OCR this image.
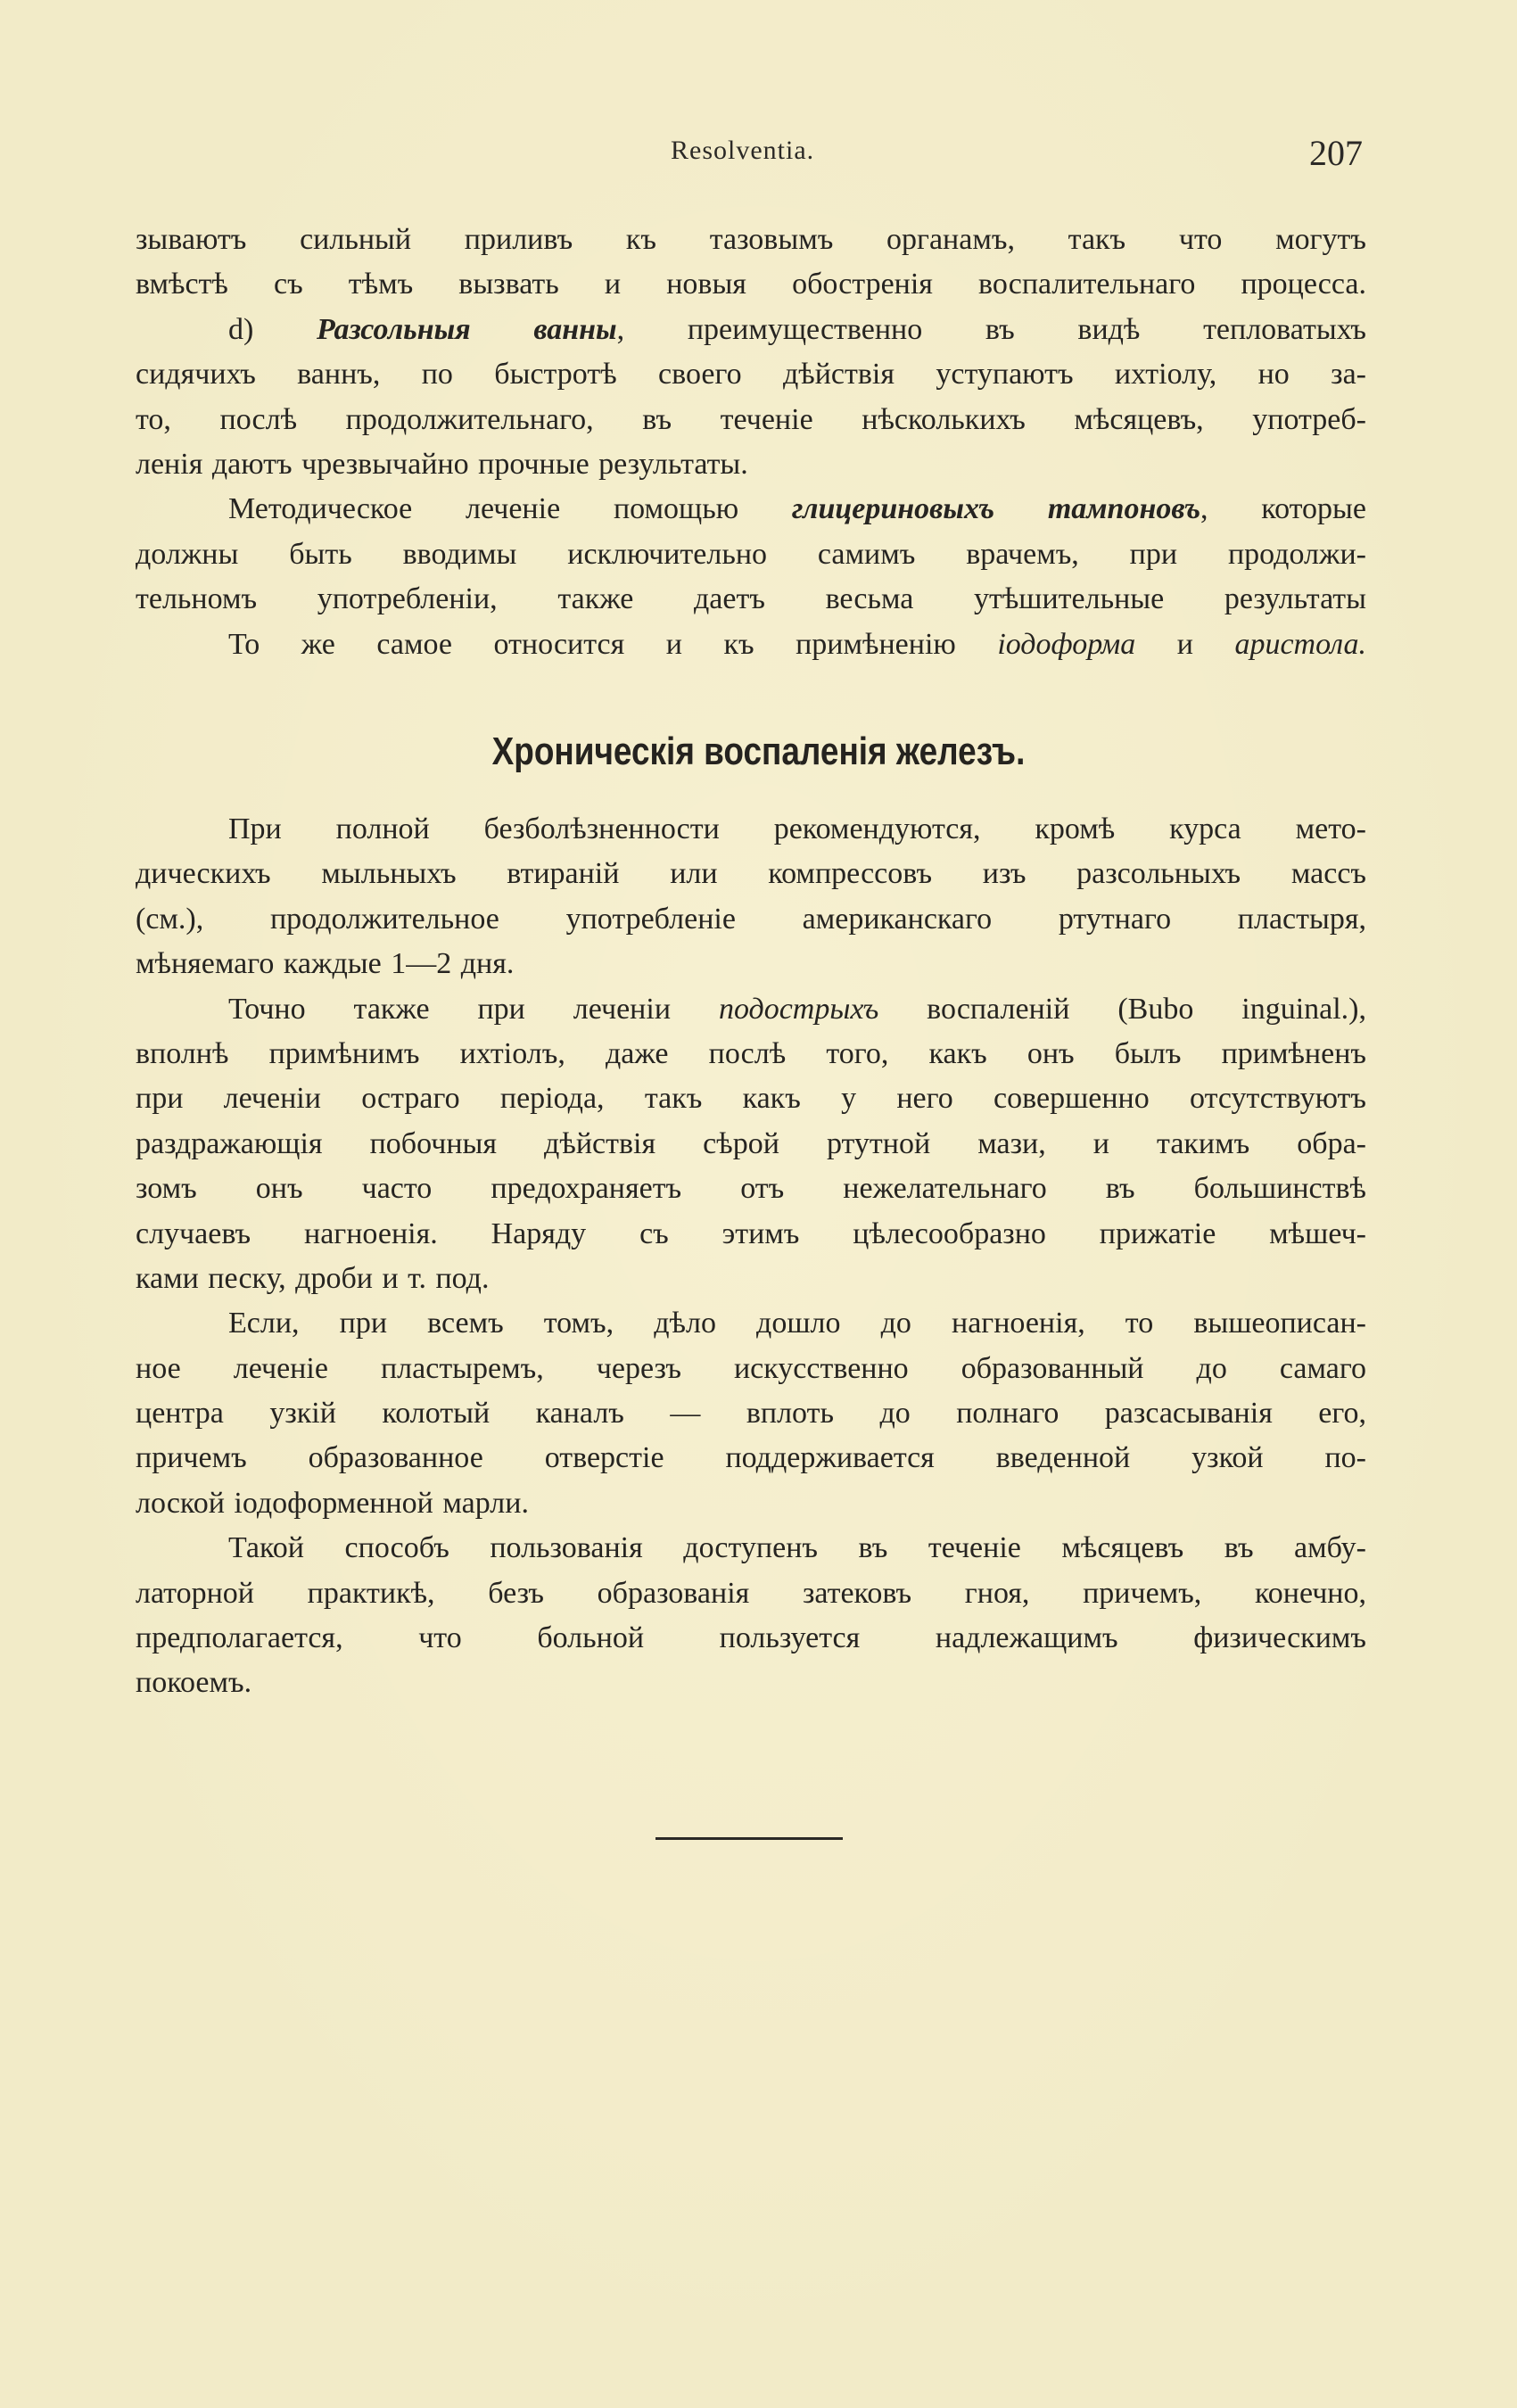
Resolventia.	207
зываютъ сильный приливъ къ тазовымъ органамъ, такъ что могутъ
вмѣстѣ съ тѣмъ вызвать и новыя обостренія воспалительнаго процесса.
d) Разсольныя ванны, преимущественно въ видѣ тепловатыхъ
сидячихъ ваннъ, по быстротѣ своего дѣйствія уступаютъ ихтіолу, но за-
то, послѣ продолжительнаго, въ теченіе нѣсколькихъ мѣсяцевъ, употреб-
ленія даютъ чрезвычайно прочные результаты.
Методическое леченіе помощью глицериновыхъ тампоновъ, которые
должны быть вводимы исключительно самимъ врачемъ, при продолжи-
тельномъ употребленіи, также даетъ весьма утѣшительные результаты
То же самое относится и къ примѣненію іодоформа и аристола.
Хроническія воспаленія железъ.
При полной безболѣзненности рекомендуются, кромѣ курса мето-
дическихъ мыльныхъ втираній или компрессовъ изъ разсольныхъ массъ
(см.), продолжительное употребленіе американскаго ртутнаго пластыря,
мѣняемаго каждые 1—2 дня.
Точно также при леченіи подострыхъ воспаленій (Bubo inguinal.),
вполнѣ примѣнимъ ихтіолъ, даже послѣ того, какъ онъ былъ примѣненъ
при леченіи остраго періода, такъ какъ у него совершенно отсутствуютъ
раздражающія побочныя дѣйствія сѣрой ртутной мази, и такимъ обра-
зомъ онъ часто предохраняетъ отъ нежелательнаго въ большинствѣ
случаевъ нагноенія. Наряду съ этимъ цѣлесообразно прижатіе мѣшеч-
ками песку, дроби и т. под.
Если, при всемъ томъ, дѣло дошло до нагноенія, то вышеописан-
ное леченіе пластыремъ, черезъ искусственно образованный до самаго
центра узкій колотый каналъ — вплоть до полнаго разсасыванія его,
причемъ образованное отверстіе поддерживается введенной узкой по-
лоской іодоформенной марли.
Такой способъ пользованія доступенъ въ теченіе мѣсяцевъ въ амбу-
латорной практикѣ, безъ образованія затековъ гноя, причемъ, конечно,
предполагается, что больной пользуется надлежащимъ физическимъ
покоемъ.
